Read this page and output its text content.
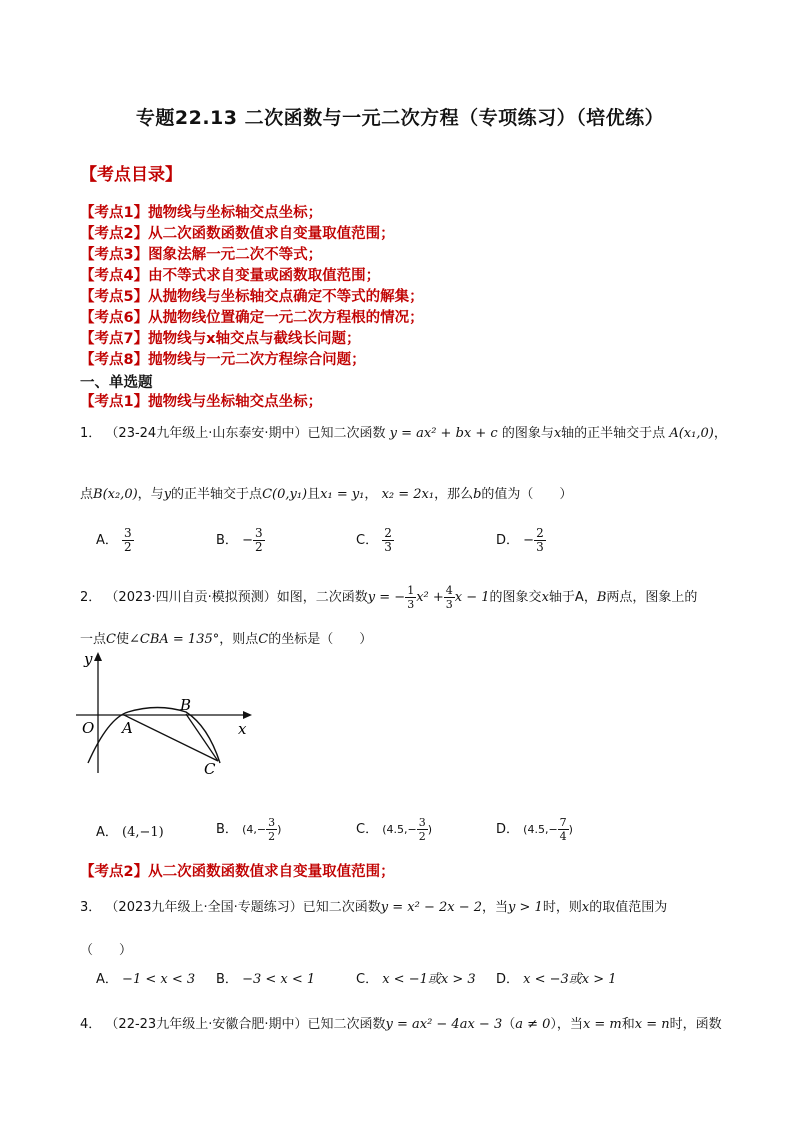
专题22.13 二次函数与一元二次方程（专项练习）（培优练）
【考点目录】
【考点1】抛物线与坐标轴交点坐标；
【考点2】从二次函数函数值求自变量取值范围；
【考点3】图象法解一元二次不等式；
【考点4】由不等式求自变量或函数取值范围；
【考点5】从抛物线与坐标轴交点确定不等式的解集；
【考点6】从抛物线位置确定一元二次方程根的情况；
【考点7】抛物线与x轴交点与截线长问题；
【考点8】抛物线与一元二次方程综合问题；
一、单选题
【考点1】抛物线与坐标轴交点坐标；
1． （23-24九年级上·山东泰安·期中）已知二次函数 y = ax² + bx + c 的图象与x轴的正半轴交于点 A(x₁,0)，
点B(x₂,0)，与y的正半轴交于点C(0,y₁)且x₁ = y₁， x₂ = 2x₁，那么b的值为（　　）
A． $\frac{3}{2}$	B． − $\frac{3}{2}$	C． $\frac{2}{3}$	D． − $\frac{2}{3}$
2． （2023·四川自贡·模拟预测）如图，二次函数y = − $\frac{1}{3} x^2 + \frac{4}{3}$ x − 1的图象交x轴于A，B两点，图象上的
一点C使∠CBA = 135°，则点C的坐标是（　　）
y
x
O A
B
C
A． (4,−1)	B． ($4,- \frac{3}{2}$ )	C． ($4.5,- \frac{3}{2}$ )	D． ($4.5,- \frac{7}{4}$ )
【考点2】从二次函数函数值求自变量取值范围；
3． （2023九年级上·全国·专题练习）已知二次函数y = x² − 2x − 2，当y > 1时，则x的取值范围为
（　　）
A． −1 < x < 3 B． −3 < x < 1	C． x < −1或x > 3 D． x < −3或x > 1
4． （22-23九年级上·安徽合肥·期中）已知二次函数y = ax² − 4ax − 3（a ≠ 0），当x = m和x = n时，函数
